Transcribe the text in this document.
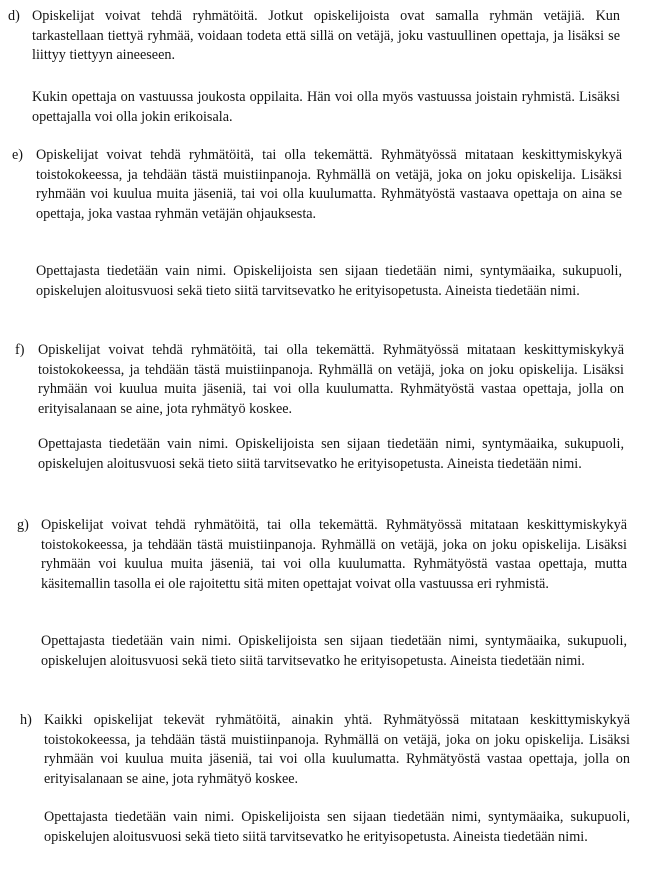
d) Opiskelijat voivat tehdä ryhmätöitä. Jotkut opiskelijoista ovat samalla ryhmän vetäjiä. Kun tarkastellaan tiettyä ryhmää, voidaan todeta että sillä on vetäjä, joku vastuullinen opettaja, ja lisäksi se liittyy tiettyyn aineeseen.

Kukin opettaja on vastuussa joukosta oppilaita. Hän voi olla myös vastuussa joistain ryhmistä. Lisäksi opettajalla voi olla jokin erikoisala.

e) Opiskelijat voivat tehdä ryhmätöitä, tai olla tekemättä. Ryhmätyössä mitataan keskittymiskykyä toistokokeessa, ja tehdään tästä muistiinpanoja. Ryhmällä on vetäjä, joka on joku opiskelija. Lisäksi ryhmään voi kuulua muita jäseniä, tai voi olla kuulumatta. Ryhmätyöstä vastaava opettaja on aina se opettaja, joka vastaa ryhmän vetäjän ohjauksesta.

Opettajasta tiedetään vain nimi. Opiskelijoista sen sijaan tiedetään nimi, syntymäaika, sukupuoli, opiskelujen aloitusvuosi sekä tieto siitä tarvitsevatko he erityisopetusta. Aineista tiedetään nimi.

f) Opiskelijat voivat tehdä ryhmätöitä, tai olla tekemättä. Ryhmätyössä mitataan keskittymiskykyä toistokokeessa, ja tehdään tästä muistiinpanoja. Ryhmällä on vetäjä, joka on joku opiskelija. Lisäksi ryhmään voi kuulua muita jäseniä, tai voi olla kuulumatta. Ryhmätyöstä vastaa opettaja, jolla on erityisalanaan se aine, jota ryhmätyö koskee.

Opettajasta tiedetään vain nimi. Opiskelijoista sen sijaan tiedetään nimi, syntymäaika, sukupuoli, opiskelujen aloitusvuosi sekä tieto siitä tarvitsevatko he erityisopetusta. Aineista tiedetään nimi.

g) Opiskelijat voivat tehdä ryhmätöitä, tai olla tekemättä. Ryhmätyössä mitataan keskittymiskykyä toistokokeessa, ja tehdään tästä muistiinpanoja. Ryhmällä on vetäjä, joka on joku opiskelija. Lisäksi ryhmään voi kuulua muita jäseniä, tai voi olla kuulumatta. Ryhmätyöstä vastaa opettaja, mutta käsitemallin tasolla ei ole rajoitettu sitä miten opettajat voivat olla vastuussa eri ryhmistä.

Opettajasta tiedetään vain nimi. Opiskelijoista sen sijaan tiedetään nimi, syntymäaika, sukupuoli, opiskelujen aloitusvuosi sekä tieto siitä tarvitsevatko he erityisopetusta. Aineista tiedetään nimi.

h) Kaikki opiskelijat tekevät ryhmätöitä, ainakin yhtä. Ryhmätyössä mitataan keskittymiskykyä toistokokeessa, ja tehdään tästä muistiinpanoja. Ryhmällä on vetäjä, joka on joku opiskelija. Lisäksi ryhmään voi kuulua muita jäseniä, tai voi olla kuulumatta. Ryhmätyöstä vastaa opettaja, jolla on erityisalanaan se aine, jota ryhmätyö koskee.

Opettajasta tiedetään vain nimi. Opiskelijoista sen sijaan tiedetään nimi, syntymäaika, sukupuoli, opiskelujen aloitusvuosi sekä tieto siitä tarvitsevatko he erityisopetusta. Aineista tiedetään nimi.
